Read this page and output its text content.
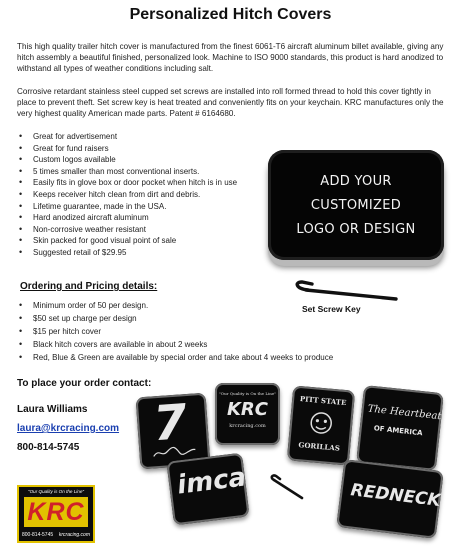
Personalized Hitch Covers
This high quality trailer hitch cover is manufactured from the finest 6061-T6 aircraft aluminum billet available, giving any hitch assembly a beautiful finished, personalized look. Machine to ISO 9000 standards, this product is hard anodized to withstand all types of weather conditions including salt.
Corrosive retardant stainless steel cupped set screws are installed into roll formed thread to hold this cover tightly in place to prevent theft. Set screw key is heat treated and conveniently fits on your keychain. KRC manufactures only the very highest quality American made parts. Patent # 6164680.
• Great for advertisement
• Great for fund raisers
• Custom logos available
• 5 times smaller than most conventional inserts.
• Easily fits in glove box or door pocket when hitch is in use
• Keeps receiver hitch clean from dirt and debris.
• Lifetime guarantee, made in the USA.
• Hard anodized aircraft aluminum
• Non-corrosive weather resistant
• Skin packed for good visual point of sale
• Suggested retail of $29.95
ADD YOUR
CUSTOMIZED
LOGO OR DESIGN
Set Screw Key
Ordering and Pricing details:
• Minimum order of 50 per design.
• $50 set up charge per design
• $15 per hitch cover
• Black hitch covers are available in about 2 weeks
• Red, Blue & Green are available by special order and take about 4 weeks to produce
To place your order contact:
Laura Williams
laura@krcracing.com
800-814-5745
"Our Quality is On the Line"
KRC
800-814-5745 krcracing.com
7
"Our Quality is On the Line"
KRC
krcracing.com
PITT STATE
GORILLAS
The Heartbeat
OF AMERICA
imca	REDNECK
